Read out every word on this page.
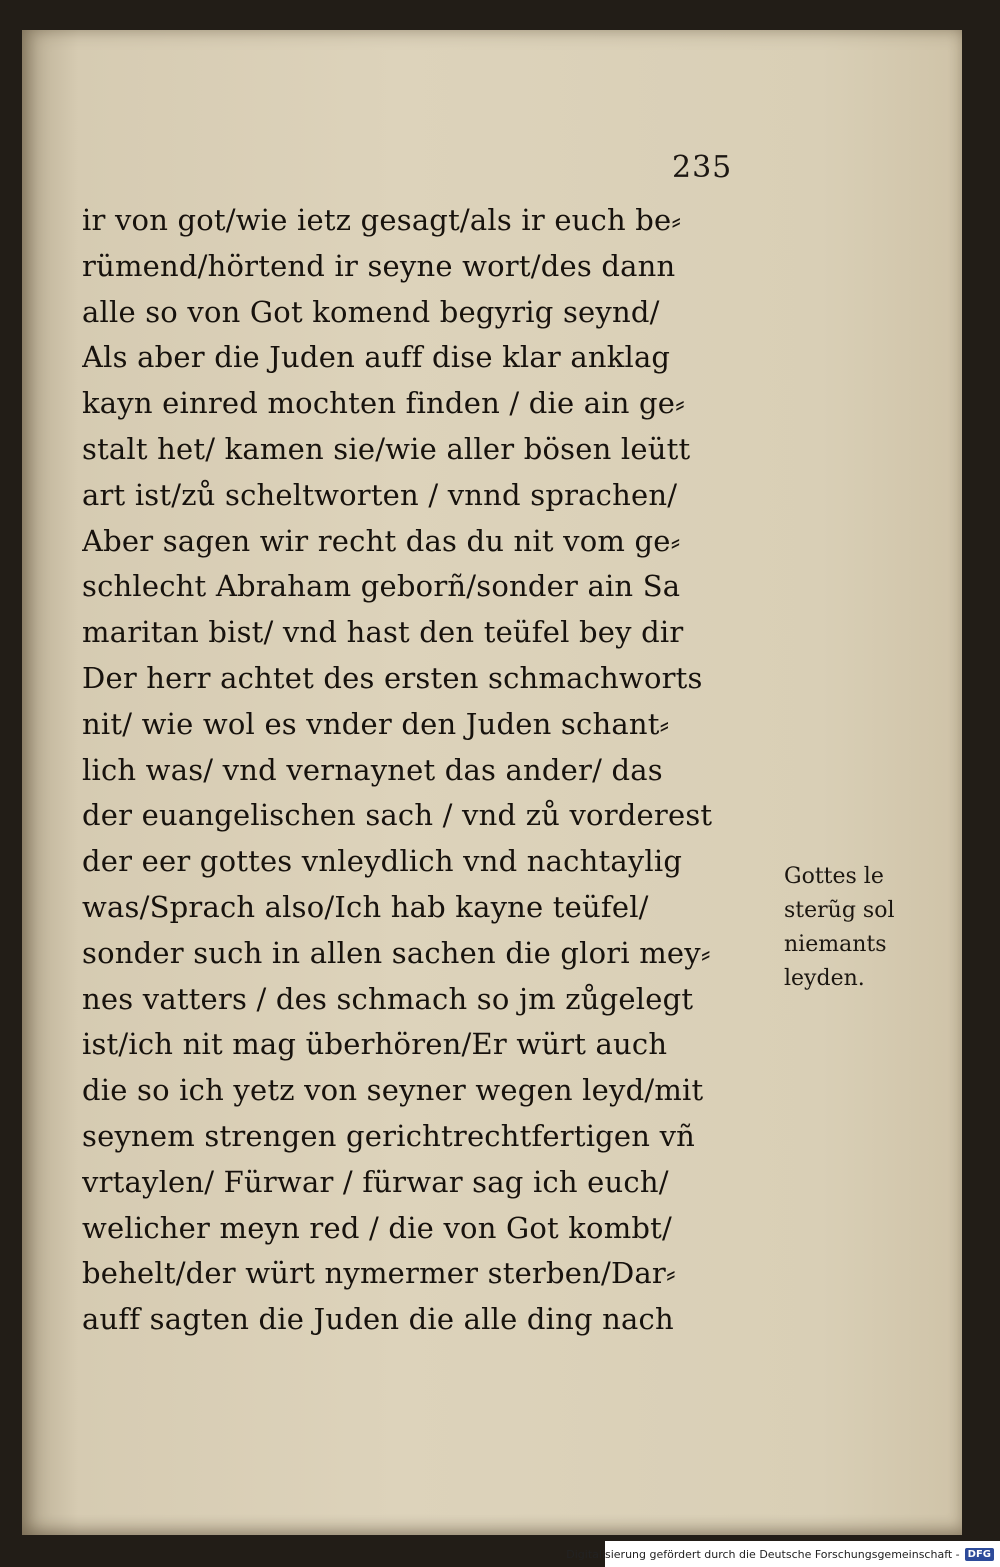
235
ir von got/wie ietz gesagt/als ir euch be⸗
rümend/hörtend ir seyne wort/des dann
alle so von Got komend begyrig seynd/
Als aber die Juden auff dise klar anklag
kayn einred mochten finden / die ain ge⸗
stalt het/ kamen sie/wie aller bösen leütt
art ist/zů scheltworten / vnnd sprachen/
Aber sagen wir recht das du nit vom ge⸗
schlecht Abraham geborñ/sonder ain Sa
maritan bist/ vnd hast den teüfel bey dir
Der herr achtet des ersten schmachworts
nit/ wie wol es vnder den Juden schant⸗
lich was/ vnd vernaynet das ander/ das
der euangelischen sach / vnd zů vorderest
der eer gottes vnleydlich vnd nachtaylig
was/Sprach also/Ich hab kayne teüfel/
sonder such in allen sachen die glori mey⸗
nes vatters / des schmach so jm zůgelegt
ist/ich nit mag überhören/Er würt auch
die so ich yetz von seyner wegen leyd/mit
seynem strengen gerichtrechtfertigen vñ
vrtaylen/ Fürwar / fürwar sag ich euch/
welicher meyn red / die von Got kombt/
behelt/der würt nymermer sterben/Dar⸗
auff sagten die Juden die alle ding nach
Gottes le
sterũg sol
niemants
leyden.
Digitalisierung gefördert durch die Deutsche Forschungsgemeinschaft - DFG
